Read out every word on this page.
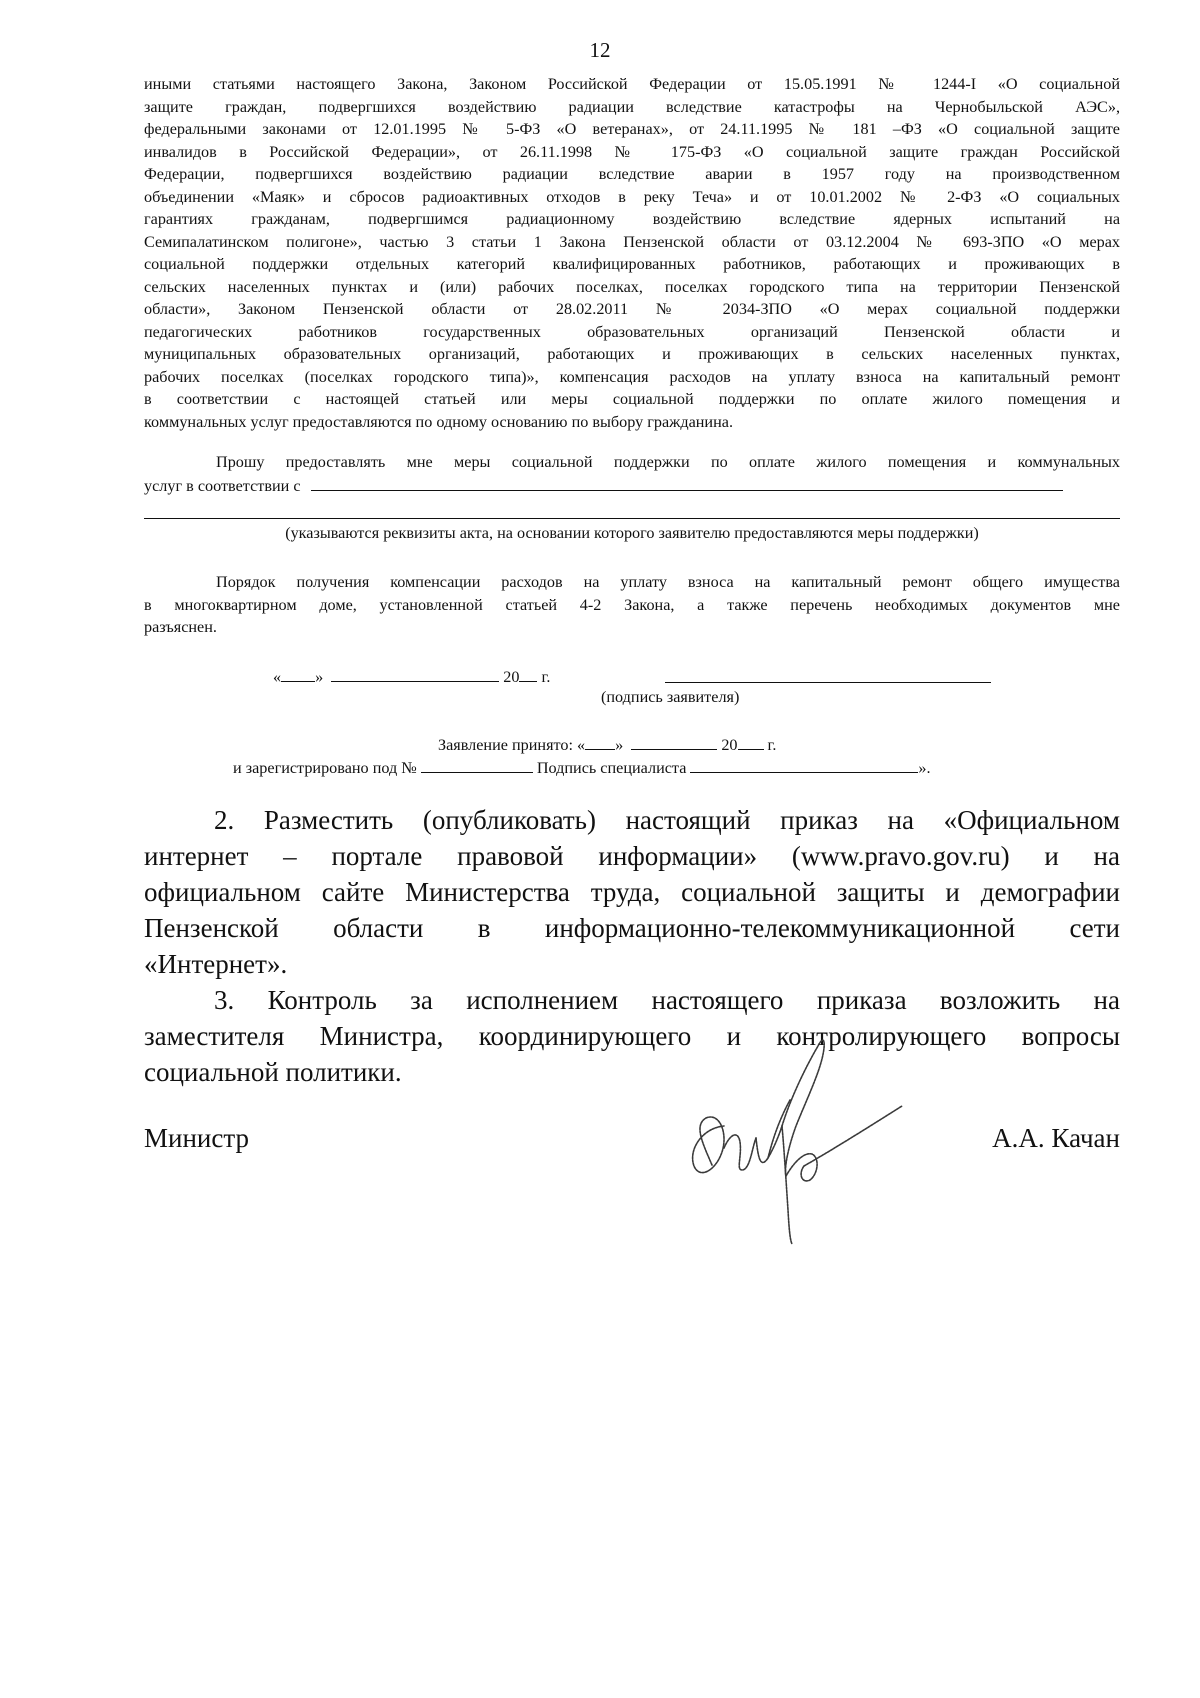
12
иными статьями настоящего Закона, Законом Российской Федерации от 15.05.1991 № 1244-I «О социальной
защите граждан, подвергшихся воздействию радиации вследствие катастрофы на Чернобыльской АЭС»,
федеральными законами от 12.01.1995 № 5-ФЗ «О ветеранах», от 24.11.1995 № 181 –ФЗ «О социальной защите
инвалидов в Российской Федерации», от 26.11.1998 № 175-ФЗ «О социальной защите граждан Российской
Федерации, подвергшихся воздействию радиации вследствие аварии в 1957 году на производственном
объединении «Маяк» и сбросов радиоактивных отходов в реку Теча» и от 10.01.2002 № 2-ФЗ «О социальных
гарантиях гражданам, подвергшимся радиационному воздействию вследствие ядерных испытаний на
Семипалатинском полигоне», частью 3 статьи 1 Закона Пензенской области от 03.12.2004 № 693-ЗПО «О мерах
социальной поддержки отдельных категорий квалифицированных работников, работающих и проживающих в
сельских населенных пунктах и (или) рабочих поселках, поселках городского типа на территории Пензенской
области», Законом Пензенской области от 28.02.2011 № 2034-ЗПО «О мерах социальной поддержки
педагогических работников государственных образовательных организаций Пензенской области и
муниципальных образовательных организаций, работающих и проживающих в сельских населенных пунктах,
рабочих поселках (поселках городского типа)», компенсация расходов на уплату взноса на капитальный ремонт
в соответствии с настоящей статьей или меры социальной поддержки по оплате жилого помещения и
коммунальных услуг предоставляются по одному основанию по выбору гражданина.
Прошу предоставлять мне меры социальной поддержки по оплате жилого помещения и коммунальных
услуг в соответствии с
(указываются реквизиты акта, на основании которого заявителю предоставляются меры поддержки)
Порядок получения компенсации расходов на уплату взноса на капитальный ремонт общего имущества
в многоквартирном доме, установленной статьей 4-2 Закона, а также перечень необходимых документов мне
разъяснен.
« »	20 г.
(подпись заявителя)
Заявление принято: « »	20 г.
и зарегистрировано под №	Подпись специалиста	».
2. Разместить (опубликовать) настоящий приказ на «Официальном
интернет – портале правовой информации» (www.pravo.gov.ru) и на
официальном сайте Министерства труда, социальной защиты и демографии
Пензенской области в информационно-телекоммуникационной сети
«Интернет».
3. Контроль за исполнением настоящего приказа возложить на
заместителя Министра, координирующего и контролирующего вопросы
социальной политики.
Министр	А.А. Качан
